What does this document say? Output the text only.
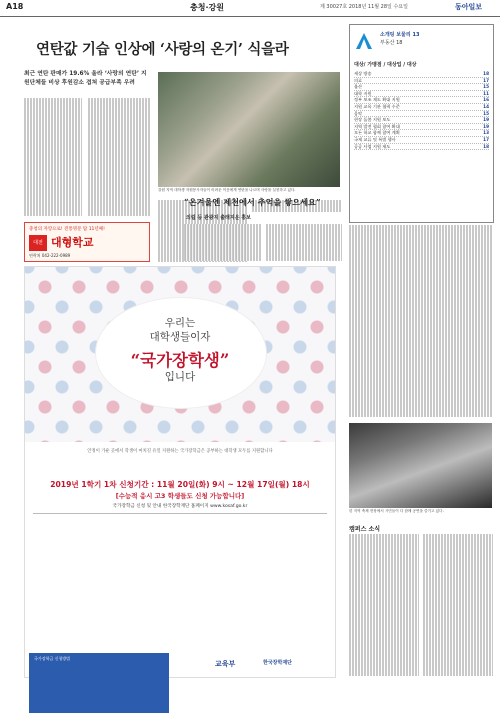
A18	충청·강원	제 30027호 2018년 11월 28일 수요일	동아일보
연탄값 기습 인상에 ‘사랑의 온기’ 식을라
최근 연탄 판매가 19.6% 올라 ‘사랑의 연탄’ 지원단체들 비상 후원감소 겹쳐 공급부족 우려
충청의 자랑으로! 전통명문 탑 11년째!
대전 대형학교
연락처 042-222-0989
강원 지역 대학생 자원봉사자들이 어려운 이웃에게 연탄을 나르며 사랑을 실천하고 있다.
소개팅 보물리 13
부동산 18
대상/ 가맹점 / 대상업 / 대상
세상 방송	18
의료	17
울산	15
대학 지원	11
정부 보조 제도 확대 지원	16
지원 교육 기관 협력 수준	14
음악	15
현장 돌봄 지원 보도	19
지역 발전 협회 참여 확대	19
모든 학교 함께 참여 계획	13
국제 교류 및 특별 행사	17
공공 사업 지원 제도	18
“온겨울엔 제천에서 추억을 쌓으세요”
의림 등 관광지 출래지운 홍보
우리는
대학생들이자
“국가장학생”
입니다
안정이 가운 곳에서 학생이 마치길 유일 지원하는 국가장학금은 공부하는 대학생 모두를 지원합니다
2019년 1학기 1차 신청기간 : 11월 20일(화) 9시 ~ 12월 17일(월) 18시
[수능적 응시 고3 학생들도 신청 가능합니다]
국가장학금 신청 및 안내 한국장학재단 홈페이지 www.kosaf.go.kr
국가장학금 신청방법
교육부	한국장학재단
한 지역 축제 현장에서 시민들이 다 함께 공연을 즐기고 있다.
캠퍼스 소식
